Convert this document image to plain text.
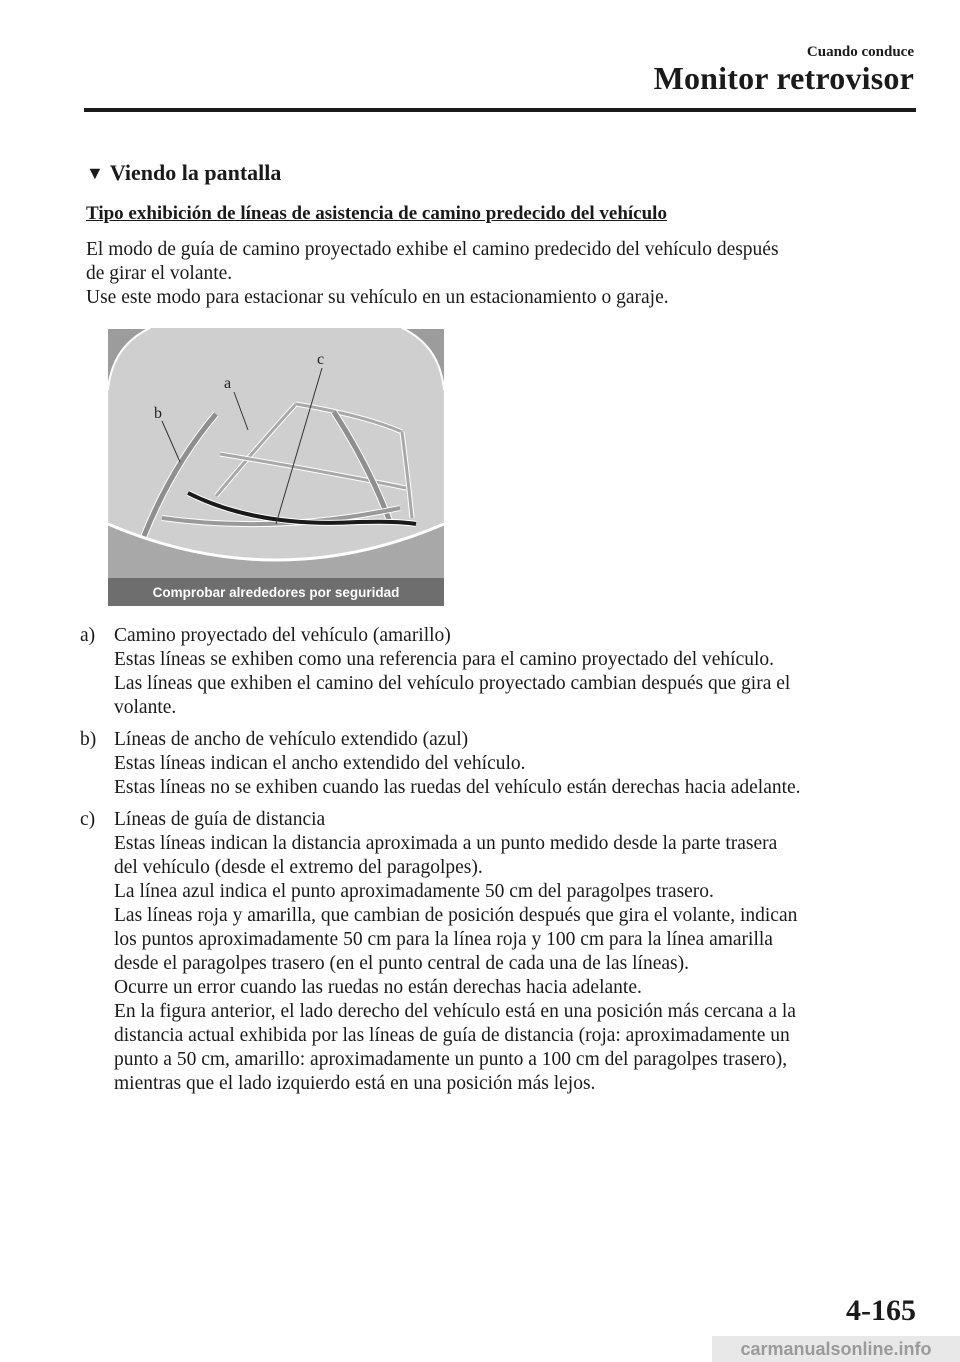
Cuando conduce
Monitor retrovisor
▼ Viendo la pantalla
Tipo exhibición de líneas de asistencia de camino predecido del vehículo
El modo de guía de camino proyectado exhibe el camino predecido del vehículo después
de girar el volante.
Use este modo para estacionar su vehículo en un estacionamiento o garaje.
Comprobar alrededores por seguridad
b
a
c
a) Camino proyectado del vehículo (amarillo)
Estas líneas se exhiben como una referencia para el camino proyectado del vehículo.
Las líneas que exhiben el camino del vehículo proyectado cambian después que gira el
volante.
b) Líneas de ancho de vehículo extendido (azul)
Estas líneas indican el ancho extendido del vehículo.
Estas líneas no se exhiben cuando las ruedas del vehículo están derechas hacia adelante.
c) Líneas de guía de distancia
Estas líneas indican la distancia aproximada a un punto medido desde la parte trasera
del vehículo (desde el extremo del paragolpes).
La línea azul indica el punto aproximadamente 50 cm del paragolpes trasero.
Las líneas roja y amarilla, que cambian de posición después que gira el volante, indican
los puntos aproximadamente 50 cm para la línea roja y 100 cm para la línea amarilla
desde el paragolpes trasero (en el punto central de cada una de las líneas).
Ocurre un error cuando las ruedas no están derechas hacia adelante.
En la figura anterior, el lado derecho del vehículo está en una posición más cercana a la
distancia actual exhibida por las líneas de guía de distancia (roja: aproximadamente un
punto a 50 cm, amarillo: aproximadamente un punto a 100 cm del paragolpes trasero),
mientras que el lado izquierdo está en una posición más lejos.
4-165
carmanualsonline.info
